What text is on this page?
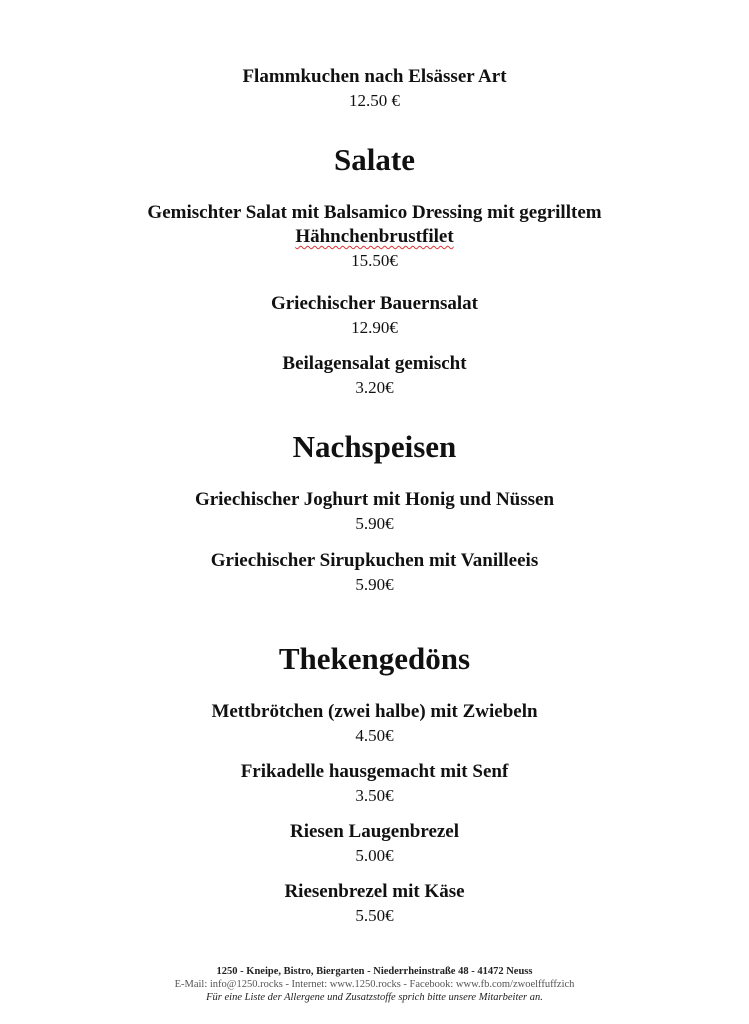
Flammkuchen nach Elsässer Art
12.50 €
Salate
Gemischter Salat mit Balsamico Dressing mit gegrilltem
Hähnchenbrustfilet
15.50€
Griechischer Bauernsalat
12.90€
Beilagensalat gemischt
3.20€
Nachspeisen
Griechischer Joghurt mit Honig und Nüssen
5.90€
Griechischer Sirupkuchen mit Vanilleeis
5.90€
Thekengedöns
Mettbrötchen (zwei halbe) mit Zwiebeln
4.50€
Frikadelle hausgemacht mit Senf
3.50€
Riesen Laugenbrezel
5.00€
Riesenbrezel mit Käse
5.50€
1250 - Kneipe, Bistro, Biergarten - Niederrheinstraße 48 - 41472 Neuss
E-Mail: info@1250.rocks - Internet: www.1250.rocks - Facebook: www.fb.com/zwoelffuffzich
Für eine Liste der Allergene und Zusatzstoffe sprich bitte unsere Mitarbeiter an.
